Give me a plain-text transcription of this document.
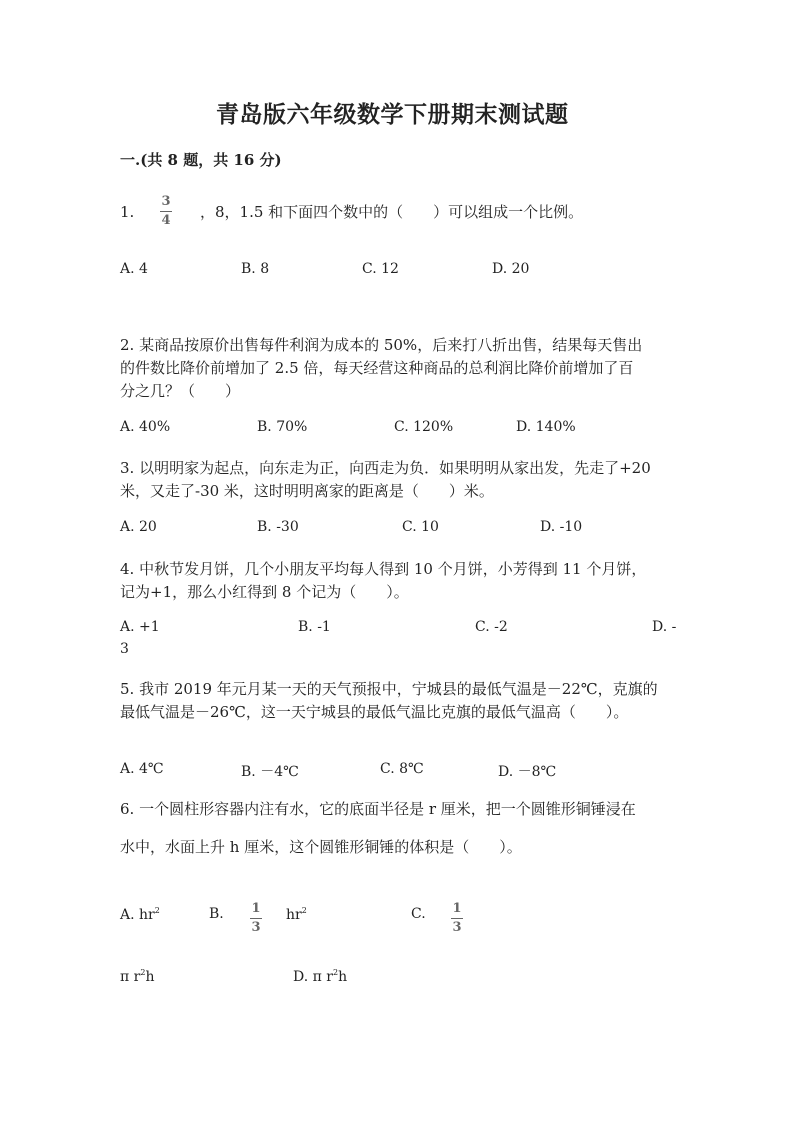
青岛版六年级数学下册期末测试题
一.(共 8 题，共 16 分)
1.
3
4 ，8，1.5 和下面四个数中的（　　）可以组成一个比例。
A. 4	B. 8	C. 12	D. 20
2. 某商品按原价出售每件利润为成本的 50%，后来打八折出售，结果每天售出
的件数比降价前增加了 2.5 倍，每天经营这种商品的总利润比降价前增加了百
分之几？（　　）
A. 40%	B. 70%	C. 120%	D. 140%
3. 以明明家为起点，向东走为正，向西走为负．如果明明从家出发，先走了+20
米，又走了-30 米，这时明明离家的距离是（　　）米。
A. 20	B. -30	C. 10	D. -10
4. 中秋节发月饼，几个小朋友平均每人得到 10 个月饼，小芳得到 11 个月饼，
记为+1，那么小红得到 8 个记为（　　）。
A. +1	B. -1	C. -2	D. -
3
5. 我市 2019 年元月某一天的天气预报中，宁城县的最低气温是－22℃，克旗的
最低气温是－26℃，这一天宁城县的最低气温比克旗的最低气温高（　　）。
A. 4℃	B. －4℃	C. 8℃	D. －8℃
6. 一个圆柱形容器内注有水，它的底面半径是 r 厘米，把一个圆锥形铜锤浸在
水中，水面上升 h 厘米，这个圆锥形铜锤的体积是（　　）。
A. $hr^2$	B. 1
3
$hr^2$	C. 1
3
π $r^2h$	D. π $r^2h$
